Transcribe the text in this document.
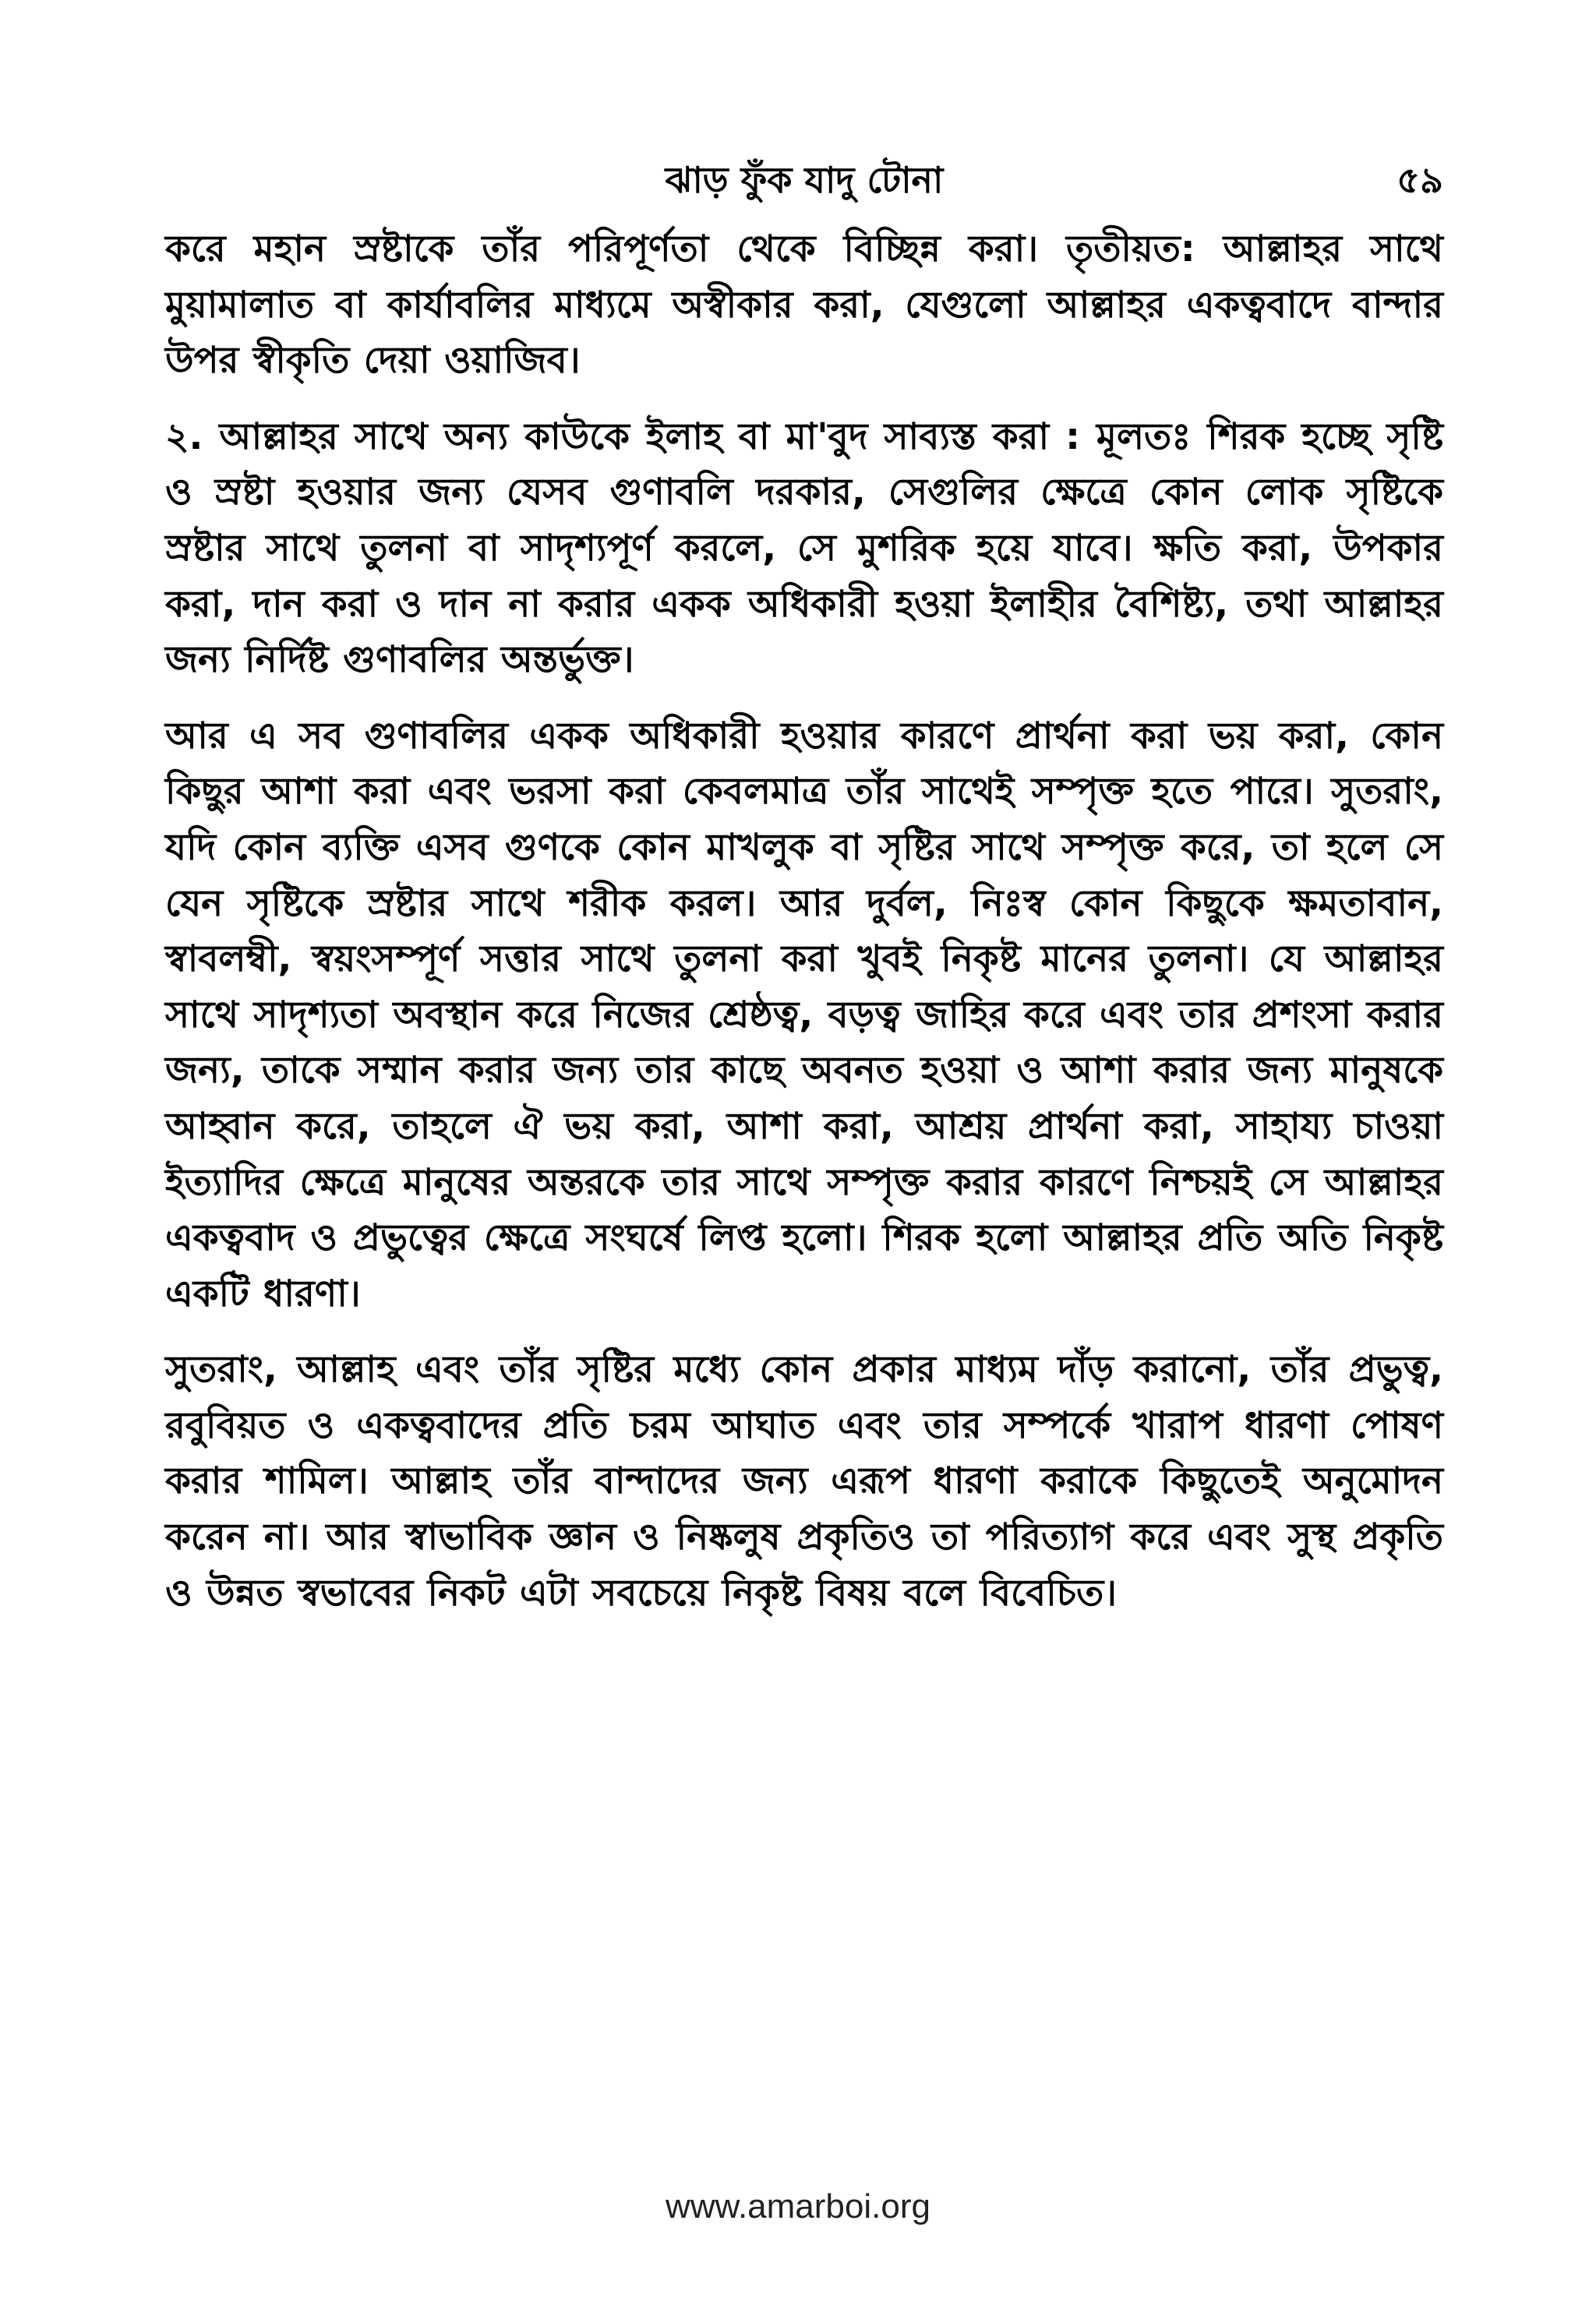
ঝাড় ফুঁক যাদু টোনা	৫৯

করে মহান স্রষ্টাকে তাঁর পরিপূর্ণতা থেকে বিচ্ছিন্ন করা। তৃতীয়ত: আল্লাহর সাথে মুয়ামালাত বা কার্যাবলির মাধ্যমে অস্বীকার করা, যেগুলো আল্লাহর একত্ববাদে বান্দার উপর স্বীকৃতি দেয়া ওয়াজিব।

২. আল্লাহর সাথে অন্য কাউকে ইলাহ বা মা'বুদ সাব্যস্ত করা : মূলতঃ শিরক হচ্ছে সৃষ্টি ও স্রষ্টা হওয়ার জন্য যেসব গুণাবলি দরকার, সেগুলির ক্ষেত্রে কোন লোক সৃষ্টিকে স্রষ্টার সাথে তুলনা বা সাদৃশ্যপূর্ণ করলে, সে মুশরিক হয়ে যাবে। ক্ষতি করা, উপকার করা, দান করা ও দান না করার একক অধিকারী হওয়া ইলাহীর বৈশিষ্ট্য, তথা আল্লাহর জন্য নির্দিষ্ট গুণাবলির অন্তর্ভুক্ত।

আর এ সব গুণাবলির একক অধিকারী হওয়ার কারণে প্রার্থনা করা ভয় করা, কোন কিছুর আশা করা এবং ভরসা করা কেবলমাত্র তাঁর সাথেই সম্পৃক্ত হতে পারে। সুতরাং, যদি কোন ব্যক্তি এসব গুণকে কোন মাখলুক বা সৃষ্টির সাথে সম্পৃক্ত করে, তা হলে সে যেন সৃষ্টিকে স্রষ্টার সাথে শরীক করল। আর দুর্বল, নিঃস্ব কোন কিছুকে ক্ষমতাবান, স্বাবলম্বী, স্বয়ংসম্পূর্ণ সত্তার সাথে তুলনা করা খুবই নিকৃষ্ট মানের তুলনা। যে আল্লাহর সাথে সাদৃশ্যতা অবস্থান করে নিজের শ্রেষ্ঠত্ব, বড়ত্ব জাহির করে এবং তার প্রশংসা করার জন্য, তাকে সম্মান করার জন্য তার কাছে অবনত হওয়া ও আশা করার জন্য মানুষকে আহ্বান করে, তাহলে ঐ ভয় করা, আশা করা, আশ্রয় প্রার্থনা করা, সাহায্য চাওয়া ইত্যাদির ক্ষেত্রে মানুষের অন্তরকে তার সাথে সম্পৃক্ত করার কারণে নিশ্চয়ই সে আল্লাহর একত্ববাদ ও প্রভুত্বের ক্ষেত্রে সংঘর্ষে লিপ্ত হলো। শিরক হলো আল্লাহর প্রতি অতি নিকৃষ্ট একটি ধারণা।

সুতরাং, আল্লাহ এবং তাঁর সৃষ্টির মধ্যে কোন প্রকার মাধ্যম দাঁড় করানো, তাঁর প্রভুত্ব, রবুবিয়ত ও একত্ববাদের প্রতি চরম আঘাত এবং তার সম্পর্কে খারাপ ধারণা পোষণ করার শামিল। আল্লাহ তাঁর বান্দাদের জন্য এরূপ ধারণা করাকে কিছুতেই অনুমোদন করেন না। আর স্বাভাবিক জ্ঞান ও নিষ্কলুষ প্রকৃতিও তা পরিত্যাগ করে এবং সুস্থ প্রকৃতি ও উন্নত স্বভাবের নিকট এটা সবচেয়ে নিকৃষ্ট বিষয় বলে বিবেচিত।

www.amarboi.org
